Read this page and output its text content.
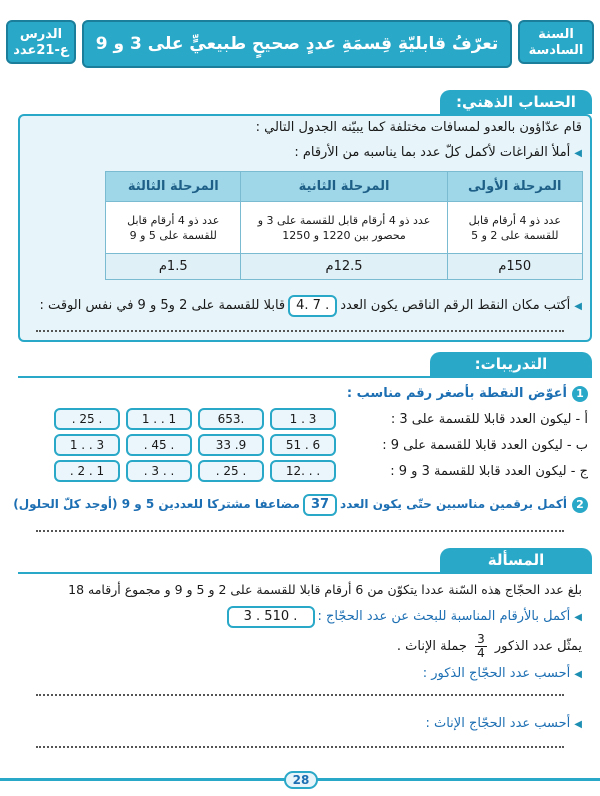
الدرس
ع-21عدد	تعرّفُ قابليّةِ قِسمَةِ عددٍ صحيحٍ طبيعيٍّ على 3 و 9	السنة
السادسة
الحساب الذهني:
قام عدّاؤون بالعدو لمسافات مختلفة كما يبيّنه الجدول التالي :
◀أملأ الفراغات لأكمل كلّ عدد بما يناسبه من الأرقام :
المرحلة الأولى	المرحلة الثانية	المرحلة الثالثة
عدد ذو 4 أرقام قابل للقسمة على 2 و 5	عدد ذو 4 أرقام قابل للقسمة على 3 و محصور بين 1220 و 1250	عدد ذو 4 أرقام قابل للقسمة على 5 و 9
150م	12.5م	1.5م
◀أكتب مكان النقط الرقم الناقص يكون العدد4. 7 .قابلا للقسمة على 2 و5 و 9 في نفس الوقت :
التدريبات:
1أعوّض النقطة بأصغر رقم مناسب :
أ - ليكون العدد قابلا للقسمة على 3 :
1 . 3
653.
1 . . 1
. 25 .
ب - ليكون العدد قابلا للقسمة على 9 :
51 . 6
33 .9
. 45 .
1 . . 3
ج - ليكون العدد قابلا للقسمة 3 و 9 :
12. . .
. 25 .
. 3 . .
. 2 . 1
2أكمل برقمين مناسبين حتّى يكون العدد37مضاعفا مشتركا للعددين 5 و 9 (أوجد كلّ الحلول)
المسألة
بلغ عدد الحجّاج هذه السّنة عددا يتكوّن من 6 أرقام قابلا للقسمة على 2 و 5 و 9 و مجموع أرقامه 18
◀أكمل بالأرقام المناسبة للبحث عن عدد الحجّاج :3 . 510 .
يمثّل عدد الذكور
$\frac{3}{4}$
جملة الإناث .
◀أحسب عدد الحجّاج الذكور :
◀أحسب عدد الحجّاج الإناث :
28
